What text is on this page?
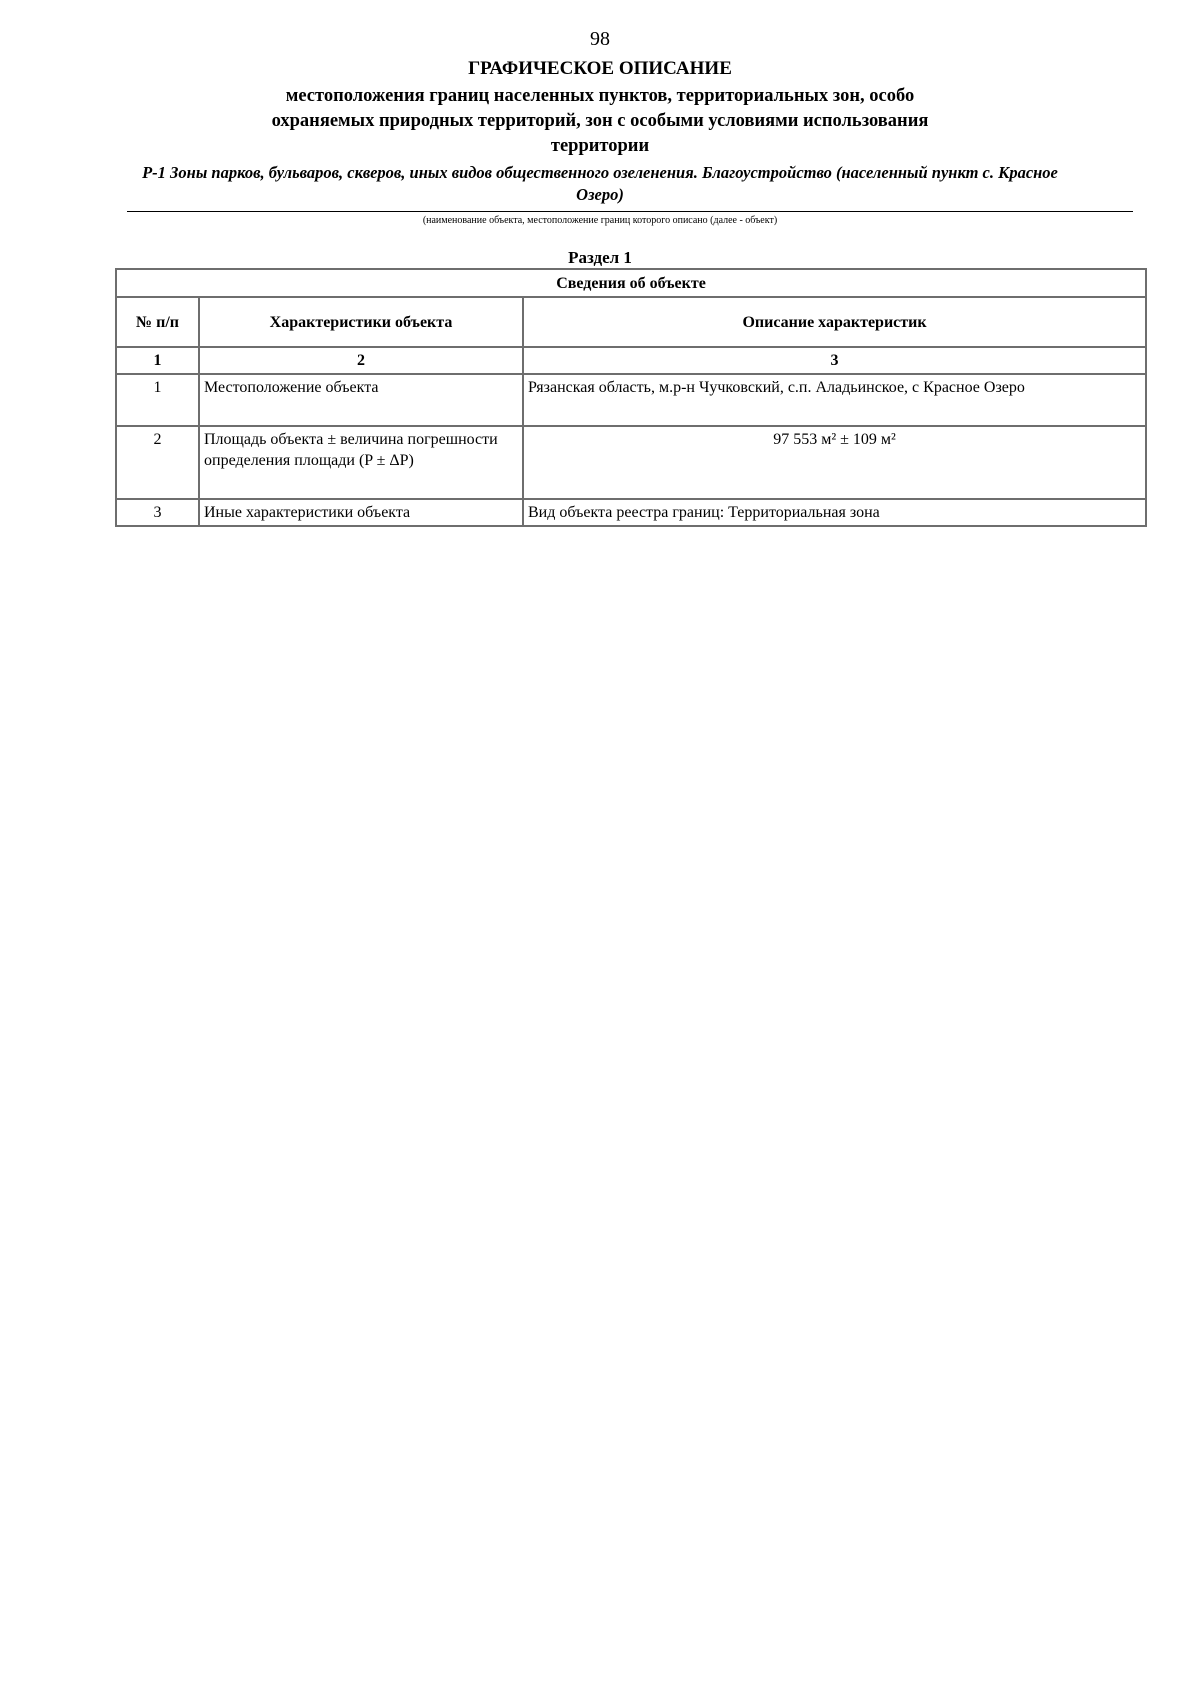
98
ГРАФИЧЕСКОЕ ОПИСАНИЕ
местоположения границ населенных пунктов, территориальных зон, особо охраняемых природных территорий, зон с особыми условиями использования территории
Р-1 Зоны парков, бульваров, скверов, иных видов общественного озеленения. Благоустройство (населенный пункт с. Красное Озеро)
(наименование объекта, местоположение границ которого описано (далее - объект)
Раздел 1
Сведения об объекте		
№ п/п	Характеристики объекта	Описание характеристик
1	2	3
1	Местоположение объекта	Рязанская область, м.р-н Чучковский, с.п. Аладьинское, с Красное Озеро
2	Площадь объекта ± величина погрешности определения площади (P ± ΔP)	97 553 м² ± 109 м²
3	Иные характеристики объекта	Вид объекта реестра границ: Территориальная зона
